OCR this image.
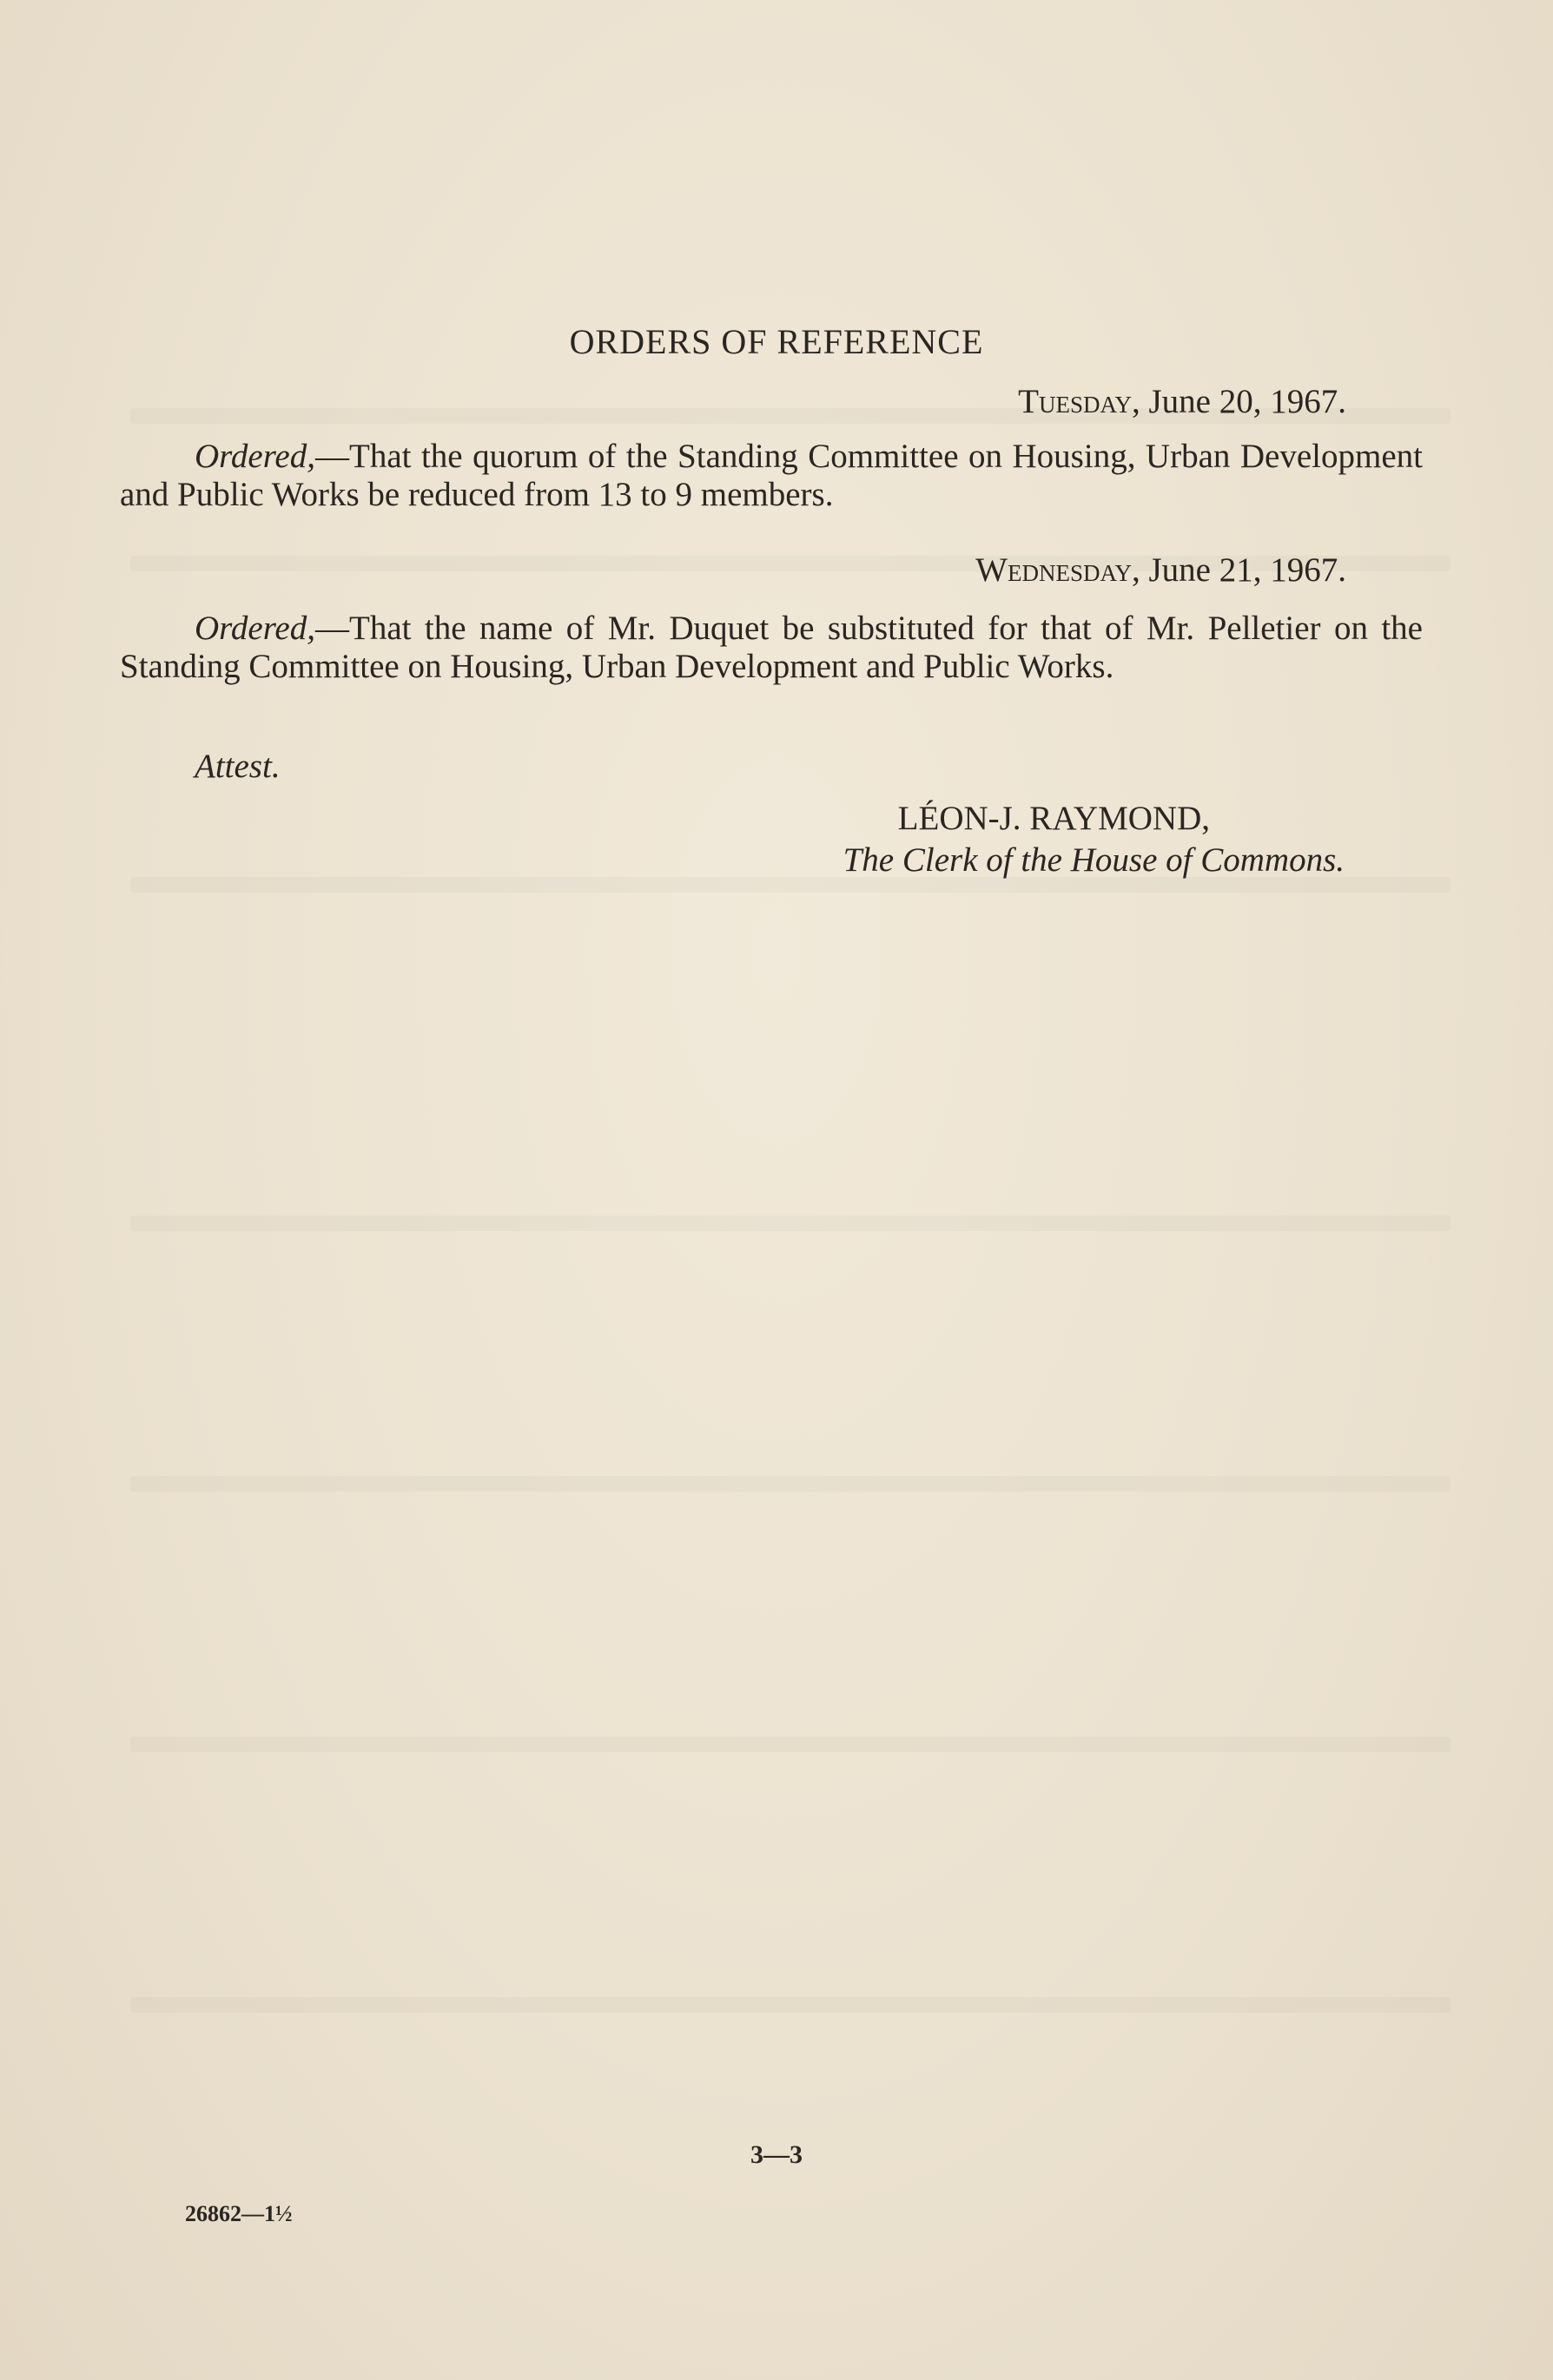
ORDERS OF REFERENCE
Tuesday, June 20, 1967.
Ordered,—That the quorum of the Standing Committee on Housing, Urban Development and Public Works be reduced from 13 to 9 members.
Wednesday, June 21, 1967.
Ordered,—That the name of Mr. Duquet be substituted for that of Mr. Pelletier on the Standing Committee on Housing, Urban Development and Public Works.
Attest.
LÉON-J. RAYMOND,
The Clerk of the House of Commons.
3—3
26862—1½
